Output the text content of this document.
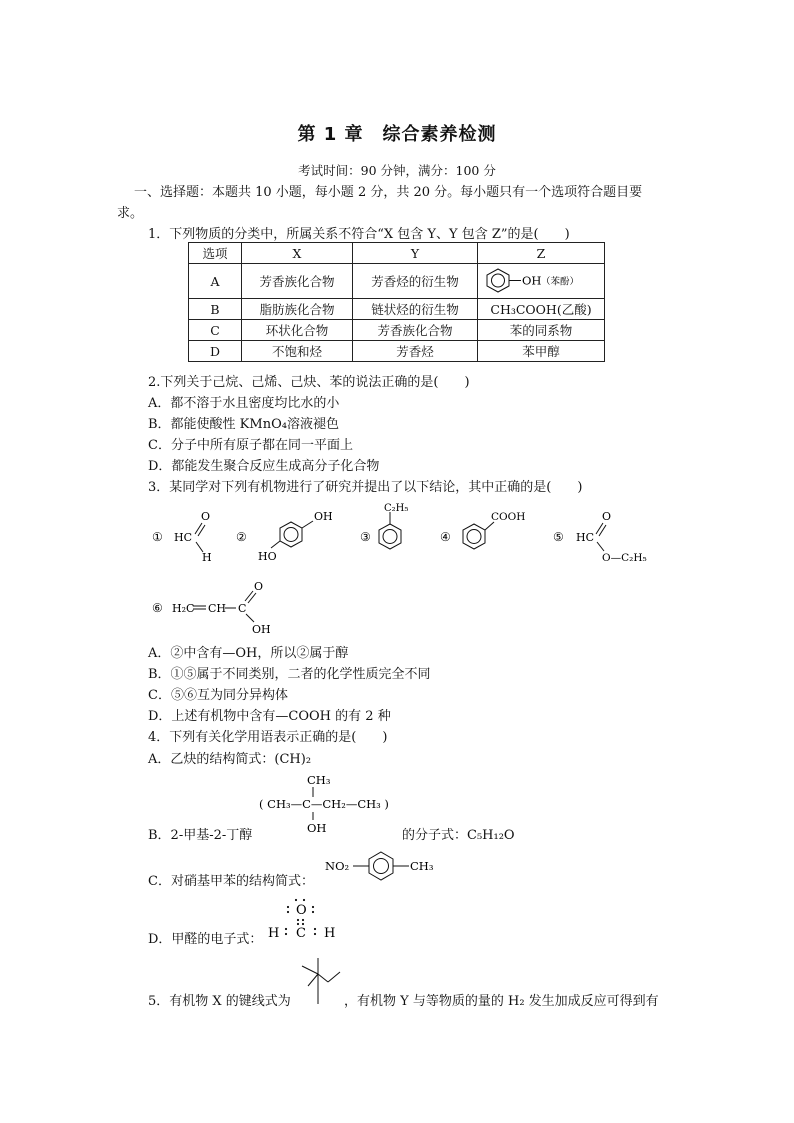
第 1 章　综合素养检测
考试时间：90 分钟，满分：100 分
一、选择题：本题共 10 小题，每小题 2 分，共 20 分。每小题只有一个选项符合题目要
求。
1．下列物质的分类中，所属关系不符合“X 包含 Y、Y 包含 Z”的是(　　)
选项	X	Y	Z
A	芳香族化合物	芳香烃的衍生物	OH （苯酚）

B	脂肪族化合物	链状烃的衍生物	CH₃COOH(乙酸)
C	环状化合物	芳香族化合物	苯的同系物
D	不饱和烃	芳香烃	苯甲醇
2.下列关于己烷、己烯、己炔、苯的说法正确的是(　　)
A．都不溶于水且密度均比水的小
B．都能使酸性 KMnO₄溶液褪色
C．分子中所有原子都在同一平面上
D．都能发生聚合反应生成高分子化合物
3．某同学对下列有机物进行了研究并提出了以下结论，其中正确的是(　　)
① HC
O
H
②
OH
HO
③
C₂H₅
④
COOH
⑤ HC
O
O—C₂H₅
⑥ H₂C CH C
O
OH
A．②中含有—OH，所以②属于醇
B．①⑤属于不同类别，二者的化学性质完全不同
C．⑤⑥互为同分异构体
D．上述有机物中含有—COOH 的有 2 种
4．下列有关化学用语表示正确的是(　　)
A．乙炔的结构简式：(CH)₂
CH₃
( CH₃—C—CH₂—CH₃ )
OH
B．2-甲基-2-丁醇	的分子式：C₅H₁₂O
C．对硝基甲苯的结构简式：
NO₂	CH₃
D．甲醛的电子式：
O
H C H
5．有机物 X 的键线式为	，有机物 Y 与等物质的量的 H₂ 发生加成反应可得到有
